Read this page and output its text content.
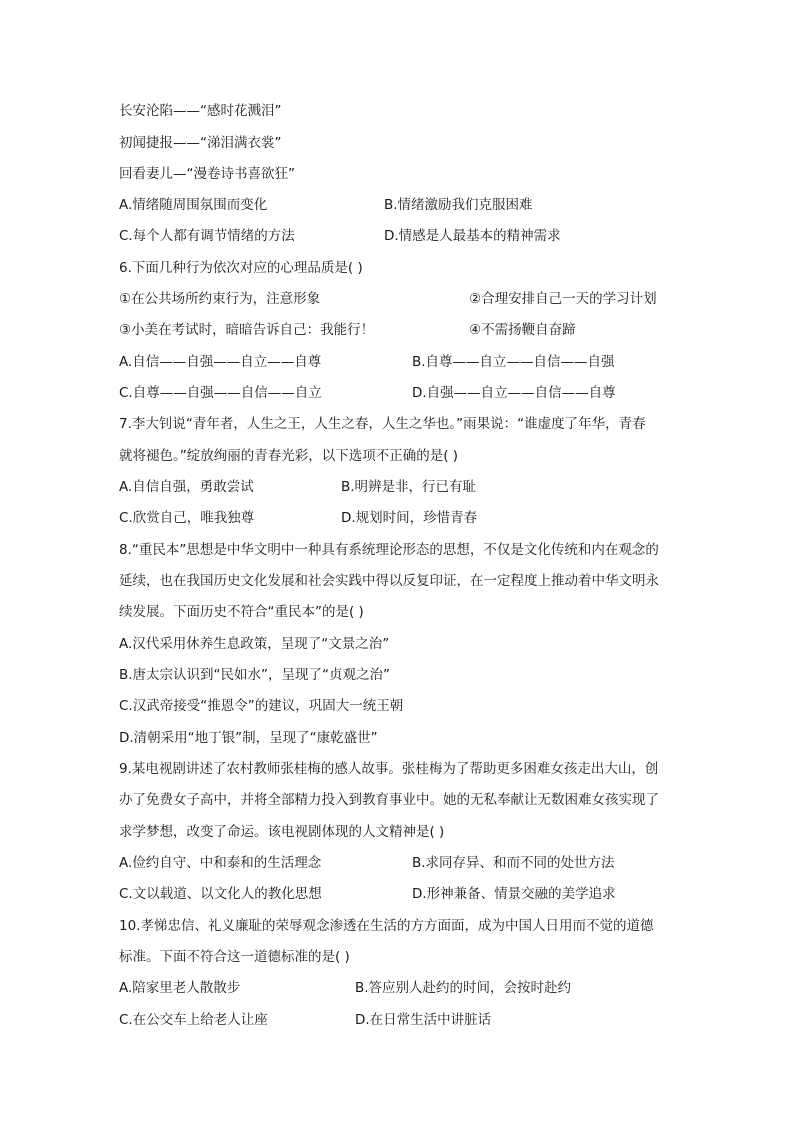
长安沦陷——“感时花溅泪”
初闻捷报——“涕泪满衣裳”
回看妻儿—“漫卷诗书喜欲狂”
A.情绪随周围氛围而变化	B.情绪激励我们克服困难
C.每个人都有调节情绪的方法	D.情感是人最基本的精神需求
6.下面几种行为依次对应的心理品质是( )
①在公共场所约束行为，注意形象	②合理安排自己一天的学习计划
③小美在考试时，暗暗告诉自己：我能行！	④不需扬鞭自奋蹄
A.自信——自强——自立——自尊	B.自尊——自立——自信——自强
C.自尊——自强——自信——自立	D.自强——自立——自信——自尊
7.李大钊说“青年者，人生之王，人生之春，人生之华也。”雨果说：“谁虚度了年华，青春
就将褪色。”绽放绚丽的青春光彩，以下选项不正确的是( )
A.自信自强，勇敢尝试	B.明辨是非，行已有耻
C.欣赏自己，唯我独尊	D.规划时间，珍惜青春
8.“重民本”思想是中华文明中一种具有系统理论形态的思想，不仅是文化传统和内在观念的
延续，也在我国历史文化发展和社会实践中得以反复印证，在一定程度上推动着中华文明永
续发展。下面历史不符合“重民本”的是( )
A.汉代采用休养生息政策，呈现了“文景之治”
B.唐太宗认识到“民如水”，呈现了“贞观之治”
C.汉武帝接受“推恩令”的建议，巩固大一统王朝
D.清朝采用“地丁银”制，呈现了“康乾盛世”
9.某电视剧讲述了农村教师张桂梅的感人故事。张桂梅为了帮助更多困难女孩走出大山，创
办了免费女子高中，并将全部精力投入到教育事业中。她的无私奉献让无数困难女孩实现了
求学梦想，改变了命运。该电视剧体现的人文精神是( )
A.俭约自守、中和泰和的生活理念	B.求同存异、和而不同的处世方法
C.文以载道、以文化人的教化思想	D.形神兼备、情景交融的美学追求
10.孝悌忠信、礼义廉耻的荣辱观念渗透在生活的方方面面，成为中国人日用而不觉的道德
标准。下面不符合这一道德标准的是( )
A.陪家里老人散散步	B.答应别人赴约的时间，会按时赴约
C.在公交车上给老人让座	D.在日常生活中讲脏话
